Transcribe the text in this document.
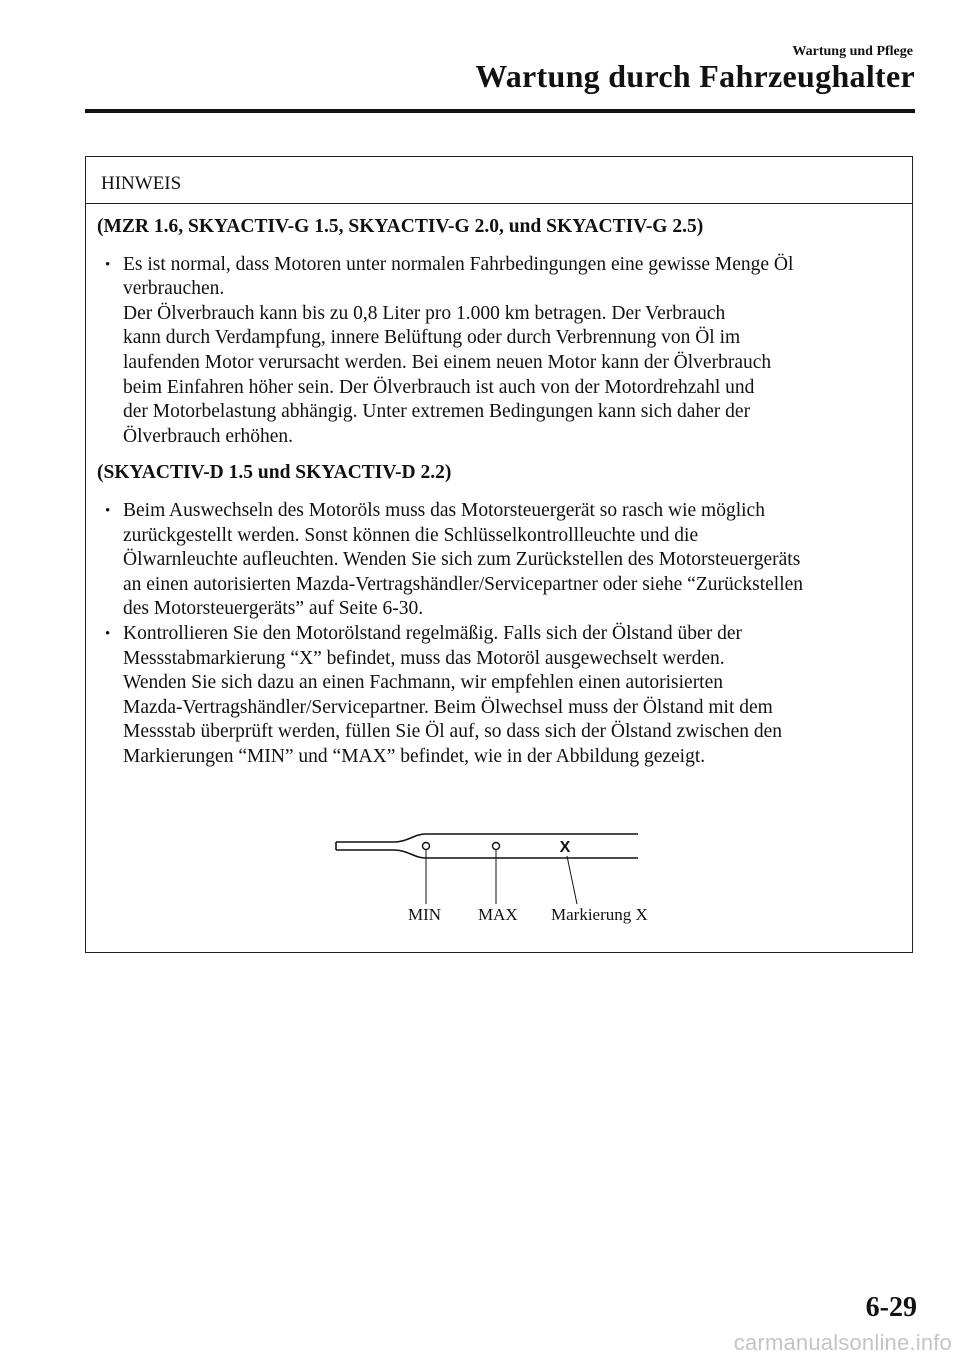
Wartung und Pflege
Wartung durch Fahrzeughalter
HINWEIS
(MZR 1.6, SKYACTIV-G 1.5, SKYACTIV-G 2.0, und SKYACTIV-G 2.5)
• Es ist normal, dass Motoren unter normalen Fahrbedingungen eine gewisse Menge Öl

verbrauchen.

Der Ölverbrauch kann bis zu 0,8 Liter pro 1.000 km betragen. Der Verbrauch

kann durch Verdampfung, innere Belüftung oder durch Verbrennung von Öl im

laufenden Motor verursacht werden. Bei einem neuen Motor kann der Ölverbrauch

beim Einfahren höher sein. Der Ölverbrauch ist auch von der Motordrehzahl und

der Motorbelastung abhängig. Unter extremen Bedingungen kann sich daher der

Ölverbrauch erhöhen.

(SKYACTIV-D 1.5 und SKYACTIV-D 2.2)
• Beim Auswechseln des Motoröls muss das Motorsteuergerät so rasch wie möglich

zurückgestellt werden. Sonst können die Schlüsselkontrollleuchte und die

Ölwarnleuchte aufleuchten. Wenden Sie sich zum Zurückstellen des Motorsteuergeräts

an einen autorisierten Mazda-Vertragshändler/Servicepartner oder siehe “Zurückstellen

des Motorsteuergeräts” auf Seite 6-30.

• Kontrollieren Sie den Motorölstand regelmäßig. Falls sich der Ölstand über der

Messstabmarkierung “X” befindet, muss das Motoröl ausgewechselt werden.

Wenden Sie sich dazu an einen Fachmann, wir empfehlen einen autorisierten

Mazda-Vertragshändler/Servicepartner. Beim Ölwechsel muss der Ölstand mit dem

Messstab überprüft werden, füllen Sie Öl auf, so dass sich der Ölstand zwischen den

Markierungen “MIN” und “MAX” befindet, wie in der Abbildung gezeigt.

X
MIN MAX Markierung X
6-29
carmanualsonline.info
